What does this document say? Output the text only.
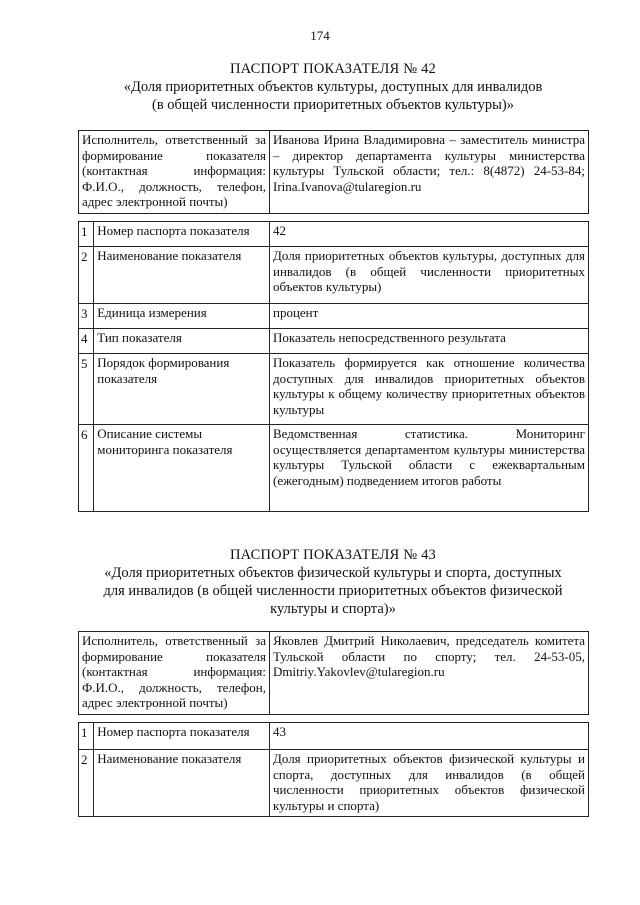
174
ПАСПОРТ ПОКАЗАТЕЛЯ № 42
«Доля приоритетных объектов культуры, доступных для инвалидов
(в общей численности приоритетных объектов культуры)»
Исполнитель, ответственный за формирование показателя (контактная информация: Ф.И.О., должность, телефон, адрес электронной почты)		Иванова Ирина Владимировна – заместитель министра – директор департамента культуры министерства культуры Тульской области; тел.: 8(4872) 24-53-84; Irina.Ivanova@tularegion.ru

1	Номер паспорта показателя	42
2	Наименование показателя	Доля приоритетных объектов культуры, доступных для инвалидов (в общей численности приоритетных объектов культуры)
3	Единица измерения	процент
4	Тип показателя	Показатель непосредственного результата
5	Порядок формирования показателя	Показатель формируется как отношение количества доступных для инвалидов приоритетных объектов культуры к общему количеству приоритетных объектов культуры
6	Описание системы мониторинга показателя	Ведомственная статистика. Мониторинг осуществляется департаментом культуры министерства культуры Тульской области с ежеквартальным (ежегодным) подведением итогов работы
ПАСПОРТ ПОКАЗАТЕЛЯ № 43
«Доля приоритетных объектов физической культуры и спорта, доступных
для инвалидов (в общей численности приоритетных объектов физической
культуры и спорта)»
Исполнитель, ответственный за формирование показателя (контактная информация: Ф.И.О., должность, телефон, адрес электронной почты)		Яковлев Дмитрий Николаевич, председатель комитета Тульской области по спорту; тел. 24-53-05, Dmitriy.Yakovlev@tularegion.ru

1	Номер паспорта показателя	43
2	Наименование показателя	Доля приоритетных объектов физической культуры и спорта, доступных для инвалидов (в общей численности приоритетных объектов физической культуры и спорта)
